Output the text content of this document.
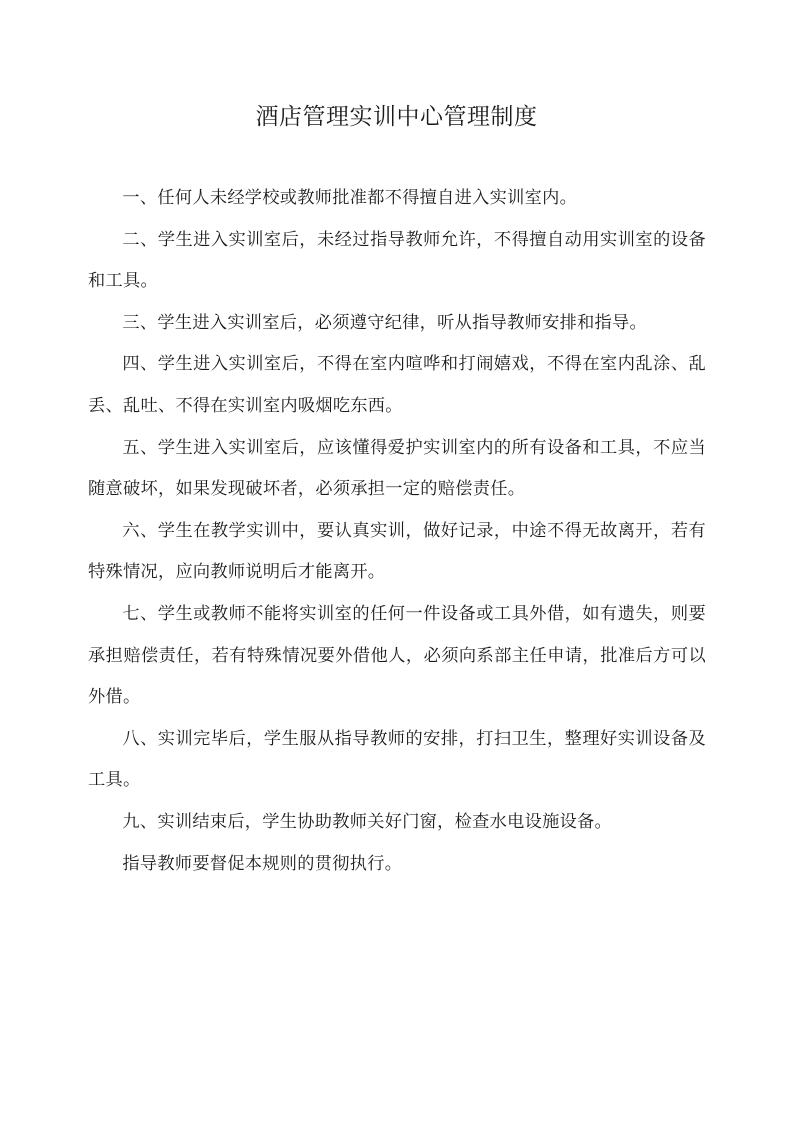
酒店管理实训中心管理制度

一、任何人未经学校或教师批准都不得擅自进入实训室内。

二、学生进入实训室后，未经过指导教师允许，不得擅自动用实训室的设备和工具。

三、学生进入实训室后，必须遵守纪律，听从指导教师安排和指导。

四、学生进入实训室后，不得在室内喧哗和打闹嬉戏，不得在室内乱涂、乱丢、乱吐、不得在实训室内吸烟吃东西。

五、学生进入实训室后，应该懂得爱护实训室内的所有设备和工具，不应当随意破坏，如果发现破坏者，必须承担一定的赔偿责任。

六、学生在教学实训中，要认真实训，做好记录，中途不得无故离开，若有特殊情况，应向教师说明后才能离开。

七、学生或教师不能将实训室的任何一件设备或工具外借，如有遗失，则要承担赔偿责任，若有特殊情况要外借他人，必须向系部主任申请，批准后方可以外借。

八、实训完毕后，学生服从指导教师的安排，打扫卫生，整理好实训设备及工具。

九、实训结束后，学生协助教师关好门窗，检查水电设施设备。

指导教师要督促本规则的贯彻执行。
